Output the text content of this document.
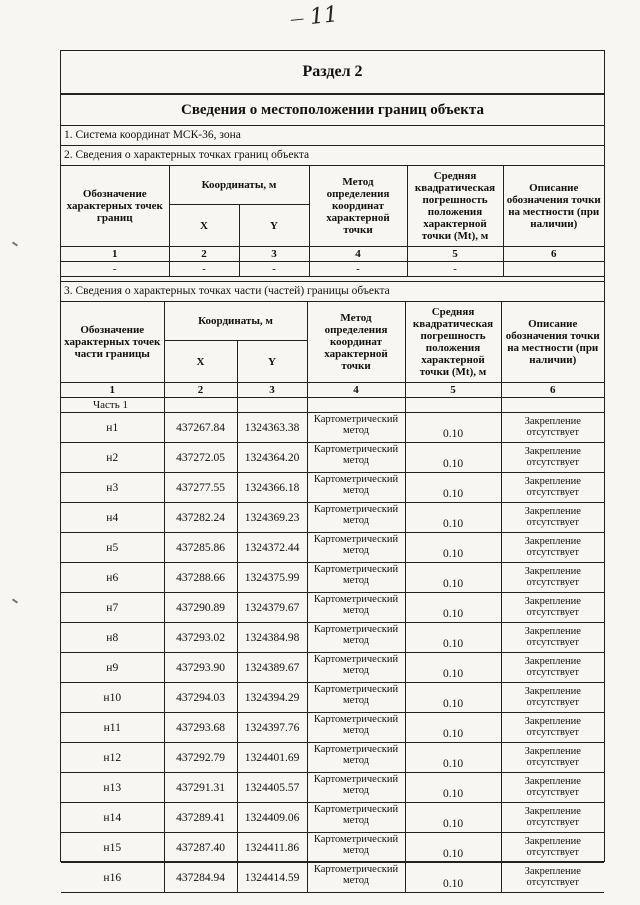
— 11
Раздел 2
Сведения о местоположении границ объекта
1. Система координат МСК-36, зона
2. Сведения о характерных точках границ объекта
Обозначение характерных точек границ	Координаты, м		Метод определения координат характерной точки	Средняя квадратическая погрешность положения характерной точки (Mt), м	Описание обозначения точки на местности (при наличии)
	X	Y			
1	2	3	4	5	6
-	-	-	-	-	
3. Сведения о характерных точках части (частей) границы объекта
Обозначение характерных точек части границы	Координаты, м		Метод определения координат характерной точки	Средняя квадратическая погрешность положения характерной точки (Mt), м	Описание обозначения точки на местности (при наличии)
	X	Y			
1	2	3	4	5	6
Часть 1					
н1	437267.84	1324363.38	Картометрический метод	0.10	Закрепление отсутствует
н2	437272.05	1324364.20	Картометрический метод	0.10	Закрепление отсутствует
н3	437277.55	1324366.18	Картометрический метод	0.10	Закрепление отсутствует
н4	437282.24	1324369.23	Картометрический метод	0.10	Закрепление отсутствует
н5	437285.86	1324372.44	Картометрический метод	0.10	Закрепление отсутствует
н6	437288.66	1324375.99	Картометрический метод	0.10	Закрепление отсутствует
н7	437290.89	1324379.67	Картометрический метод	0.10	Закрепление отсутствует
н8	437293.02	1324384.98	Картометрический метод	0.10	Закрепление отсутствует
н9	437293.90	1324389.67	Картометрический метод	0.10	Закрепление отсутствует
н10	437294.03	1324394.29	Картометрический метод	0.10	Закрепление отсутствует
н11	437293.68	1324397.76	Картометрический метод	0.10	Закрепление отсутствует
н12	437292.79	1324401.69	Картометрический метод	0.10	Закрепление отсутствует
н13	437291.31	1324405.57	Картометрический метод	0.10	Закрепление отсутствует
н14	437289.41	1324409.06	Картометрический метод	0.10	Закрепление отсутствует
н15	437287.40	1324411.86	Картометрический метод	0.10	Закрепление отсутствует
н16	437284.94	1324414.59	Картометрический метод	0.10	Закрепление отсутствует
